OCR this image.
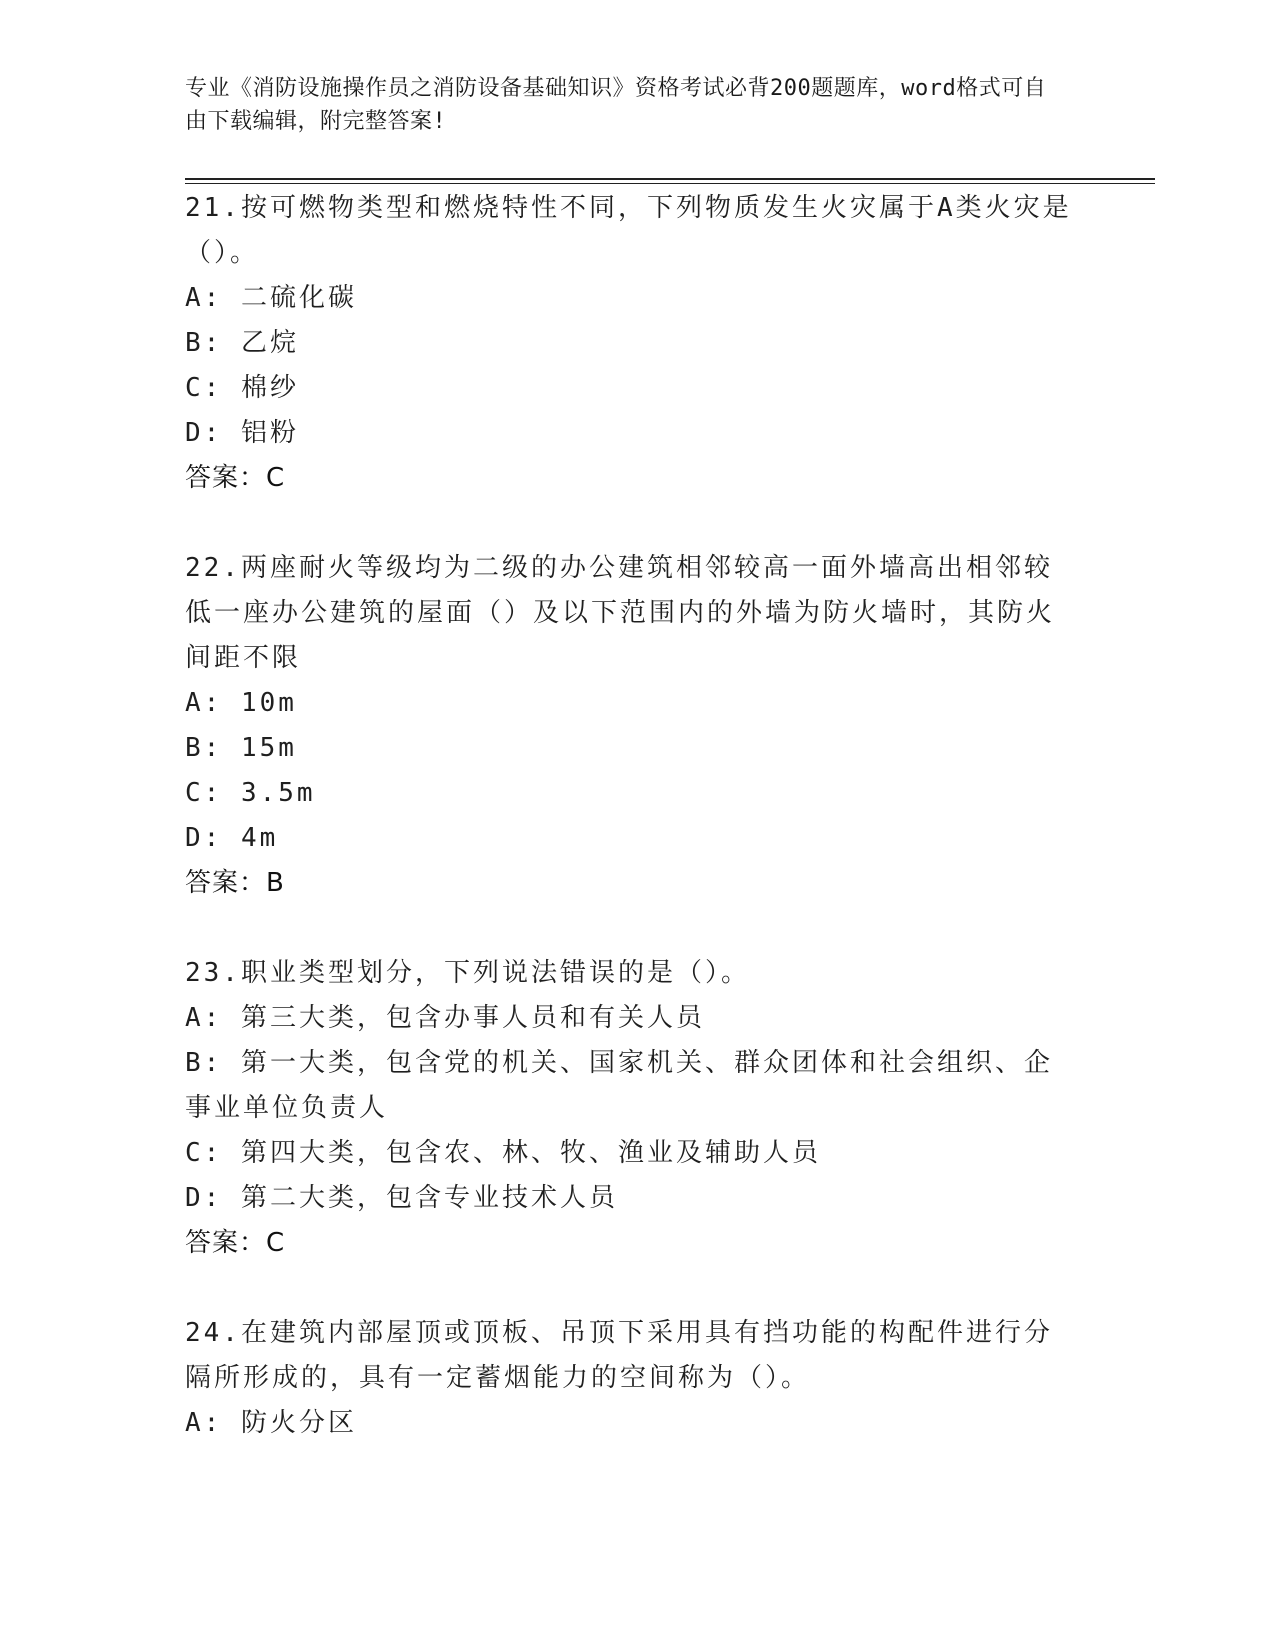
专业《消防设施操作员之消防设备基础知识》资格考试必背200题题库，word格式可自由下载编辑，附完整答案!
21.按可燃物类型和燃烧特性不同，下列物质发生火灾属于A类火灾是（）。
A: 二硫化碳
B: 乙烷
C: 棉纱
D: 铝粉
答案：C
22.两座耐火等级均为二级的办公建筑相邻较高一面外墙高出相邻较低一座办公建筑的屋面（）及以下范围内的外墙为防火墙时，其防火间距不限
A: 10m
B: 15m
C: 3.5m
D: 4m
答案：B
23.职业类型划分，下列说法错误的是（）。
A: 第三大类，包含办事人员和有关人员
B: 第一大类，包含党的机关、国家机关、群众团体和社会组织、企事业单位负责人
C: 第四大类，包含农、林、牧、渔业及辅助人员
D: 第二大类，包含专业技术人员
答案：C
24.在建筑内部屋顶或顶板、吊顶下采用具有挡功能的构配件进行分隔所形成的，具有一定蓄烟能力的空间称为（）。
A: 防火分区
